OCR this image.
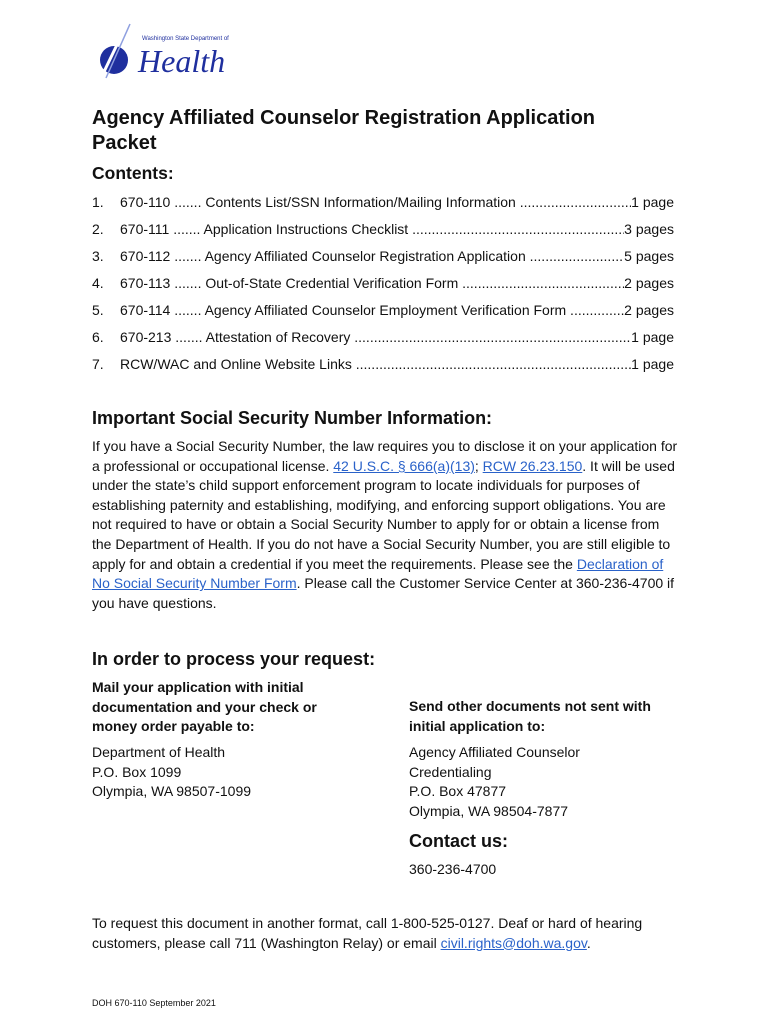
Washington State Department of
Health
Agency Affiliated Counselor Registration Application Packet
Contents:
1.	670-110 ....... Contents List/SSN Information/Mailing Information .....	1 page
2.	670-111 ....... Application Instructions Checklist .....	3 pages
3.	670-112 ....... Agency Affiliated Counselor Registration Application .....	5 pages
4.	670-113 ....... Out-of-State Credential Verification Form .....	2 pages
5.	670-114 ....... Agency Affiliated Counselor Employment Verification Form .....	2 pages
6.	670-213 ....... Attestation of Recovery .....	1 page
7.	RCW/WAC and Online Website Links .....	1 page
Important Social Security Number Information:
If you have a Social Security Number, the law requires you to disclose it on your application for a professional or occupational license. 42 U.S.C. § 666(a)(13); RCW 26.23.150. It will be used under the state’s child support enforcement program to locate individuals for purposes of establishing paternity and establishing, modifying, and enforcing support obligations. You are not required to have or obtain a Social Security Number to apply for or obtain a license from the Department of Health. If you do not have a Social Security Number, you are still eligible to apply for and obtain a credential if you meet the requirements. Please see the Declaration of No Social Security Number Form. Please call the Customer Service Center at 360-236-4700 if you have questions.
In order to process your request:
Mail your application with initial documentation and your check or money order payable to:
Department of Health
P.O. Box 1099
Olympia, WA 98507-1099
Send other documents not sent with initial application to:
Agency Affiliated Counselor
Credentialing
P.O. Box 47877
Olympia, WA 98504-7877
Contact us:
360-236-4700
To request this document in another format, call 1-800-525-0127. Deaf or hard of hearing customers, please call 711 (Washington Relay) or email civil.rights@doh.wa.gov.
DOH 670-110 September 2021
